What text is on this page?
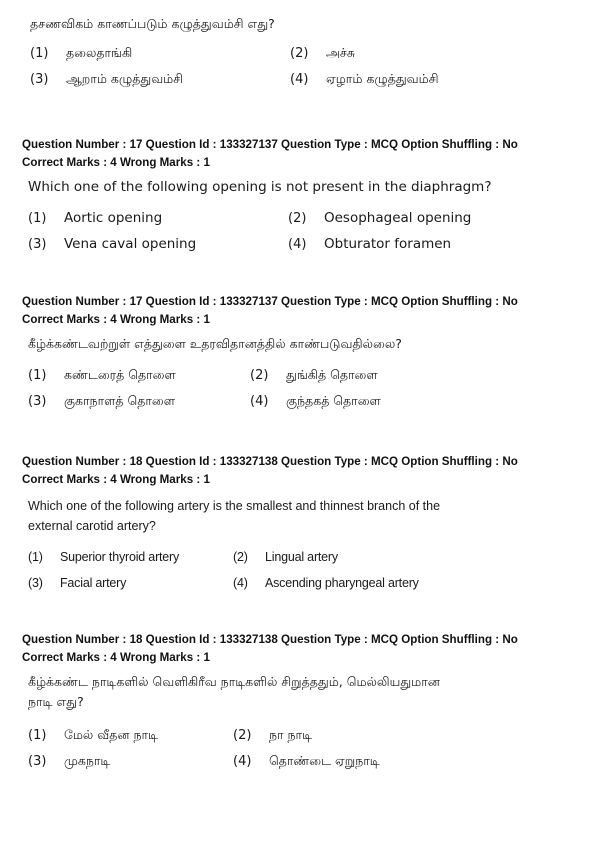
தசணவிகம் காணப்படும் கழுத்துவம்சி எது?
(1)	தலைதாங்கி	(2)	அச்சு
(3)	ஆறாம் கழுத்துவம்சி	(4)	ஏழாம் கழுத்துவம்சி
Question Number : 17 Question Id : 133327137 Question Type : MCQ Option Shuffling : No
Correct Marks : 4 Wrong Marks : 1
Which one of the following opening is not present in the diaphragm?
(1)	Aortic opening	(2)	Oesophageal opening
(3)	Vena caval opening	(4)	Obturator foramen
Question Number : 17 Question Id : 133327137 Question Type : MCQ Option Shuffling : No
Correct Marks : 4 Wrong Marks : 1
கீழ்க்கண்டவற்றுள் எத்துளை உதரவிதானத்தில் காண்படுவதில்லை?
(1)	கண்டரைத் தொளை	(2)	துங்கித் தொளை
(3)	குகாநாளத் தொளை	(4)	குந்தகத் தொளை
Question Number : 18 Question Id : 133327138 Question Type : MCQ Option Shuffling : No
Correct Marks : 4 Wrong Marks : 1
Which one of the following artery is the smallest and thinnest branch of the external carotid artery?
(1)	Superior thyroid artery	(2)	Lingual artery
(3)	Facial artery	(4)	Ascending pharyngeal artery
Question Number : 18 Question Id : 133327138 Question Type : MCQ Option Shuffling : No
Correct Marks : 4 Wrong Marks : 1
கீழ்க்கண்ட நாடிகளில் வெளிகிரீவ நாடிகளில் சிறுத்ததும், மெல்லியதுமான நாடி எது?
(1)	மேல் வீதன நாடி	(2)	நா நாடி
(3)	முகநாடி	(4)	தொண்டை ஏறுநாடி
